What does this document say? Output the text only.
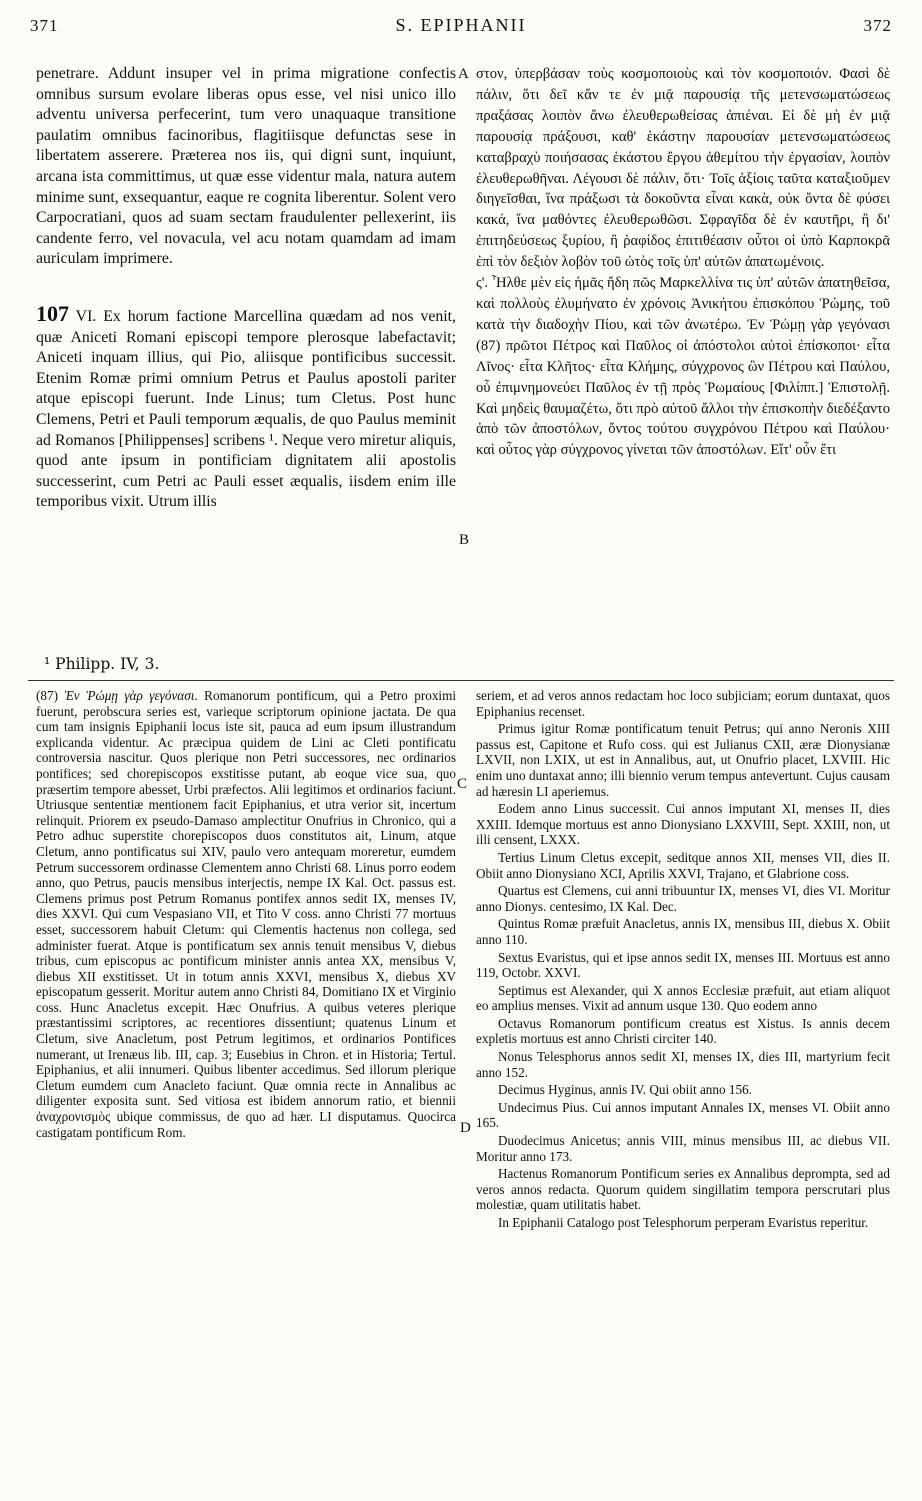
371	S. EPIPHANII	372
A
B
C
D

penetrare. Addunt insuper vel in prima migratione confectis omnibus sursum evolare liberas opus esse, vel nisi unico illo adventu universa perfecerint, tum vero unaquaque transitione paulatim omnibus facinoribus, flagitiisque defunctas sese in libertatem asserere. Præterea nos iis, qui digni sunt, inquiunt, arcana ista committimus, ut quæ esse videntur mala, natura autem minime sunt, exsequantur, eaque re cognita liberentur. Solent vero Carpocratiani, quos ad suam sectam fraudulenter pellexerint, iis candente ferro, vel novacula, vel acu notam quamdam ad imam auriculam imprimere.

107 VI. Ex horum factione Marcellina quædam ad nos venit, quæ Aniceti Romani episcopi tempore plerosque labefactavit; Aniceti inquam illius, qui Pio, aliisque pontificibus successit. Etenim Romæ primi omnium Petrus et Paulus apostoli pariter atque episcopi fuerunt. Inde Linus; tum Cletus. Post hunc Clemens, Petri et Pauli temporum æqualis, de quo Paulus meminit ad Romanos [Philippenses] scribens ¹. Neque vero miretur aliquis, quod ante ipsum in pontificiam dignitatem alii apostolis successerint, cum Petri ac Pauli esset æqualis, iisdem enim ille temporibus vixit. Utrum illis

στον, ὑπερβάσαν τοὺς κοσμοποιοὺς καὶ τὸν κοσμοποιόν. Φασὶ δὲ πάλιν, ὅτι δεῖ κἄν τε ἐν μιᾷ παρουσίᾳ τῆς μετενσωματώσεως πραξάσας λοιπὸν ἄνω ἐλευθερωθείσας ἀπιέναι. Εἰ δὲ μὴ ἐν μιᾷ παρουσίᾳ πράξουσι, καθ' ἑκάστην παρουσίαν μετενσωματώσεως καταβραχὺ ποιήσασας ἑκάστου ἔργου ἀθεμίτου τὴν ἐργασίαν, λοιπὸν ἐλευθερωθῆναι. Λέγουσι δὲ πάλιν, ὅτι· Τοῖς ἀξίοις ταῦτα καταξιοῦμεν διηγεῖσθαι, ἵνα πράξωσι τὰ δοκοῦντα εἶναι κακὰ, οὐκ ὄντα δὲ φύσει κακά, ἵνα μαθόντες ἐλευθερωθῶσι. Σφραγῖδα δὲ ἐν καυτῆρι, ἢ δι' ἐπιτηδεύσεως ξυρίου, ἢ ῥαφίδος ἐπιτιθέασιν οὗτοι οἱ ὑπὸ Καρποκρᾶ ἐπὶ τὸν δεξιὸν λοβὸν τοῦ ὠτὸς τοῖς ὑπ' αὐτῶν ἀπατωμένοις.

ς'. Ἦλθε μὲν εἰς ἡμᾶς ἤδη πῶς Μαρκελλίνα τις ὑπ' αὐτῶν ἀπατηθεῖσα, καὶ πολλοὺς ἐλυμήνατο ἐν χρόνοις Ἀνικήτου ἐπισκόπου Ῥώμης, τοῦ κατὰ τὴν διαδοχὴν Πίου, καὶ τῶν ἀνωτέρω. Ἐν Ῥώμῃ γὰρ γεγόνασι (87) πρῶτοι Πέτρος καὶ Παῦλος οἱ ἀπόστολοι αὐτοὶ ἐπίσκοποι· εἶτα Λῖνος· εἶτα Κλῆτος· εἶτα Κλήμης, σύγχρονος ὢν Πέτρου καὶ Παύλου, οὗ ἐπιμνημονεύει Παῦλος ἐν τῇ πρὸς Ῥωμαίους [Φιλίππ.] Ἐπιστολῇ. Καὶ μηδεὶς θαυμαζέτω, ὅτι πρὸ αὐτοῦ ἄλλοι τὴν ἐπισκοπὴν διεδέξαντο ἀπὸ τῶν ἀποστόλων, ὄντος τούτου συγχρόνου Πέτρου καὶ Παύλου· καὶ οὗτος γὰρ σύγχρονος γίνεται τῶν ἀποστόλων. Εἴτ' οὖν ἔτι

¹ Philipp. IV, 3.

(87) Ἐν Ῥώμῃ γὰρ γεγόνασι. Romanorum pontificum, qui a Petro proximi fuerunt, perobscura series est, varieque scriptorum opinione jactata. De qua cum tam insignis Epiphanii locus iste sit, pauca ad eum ipsum illustrandum explicanda videntur. Ac præcipua quidem de Lini ac Cleti pontificatu controversia nascitur. Quos plerique non Petri successores, nec ordinarios pontifices; sed chorepiscopos exstitisse putant, ab eoque vice sua, quo præsertim tempore abesset, Urbi præfectos. Alii legitimos et ordinarios faciunt. Utriusque sententiæ mentionem facit Epiphanius, et utra verior sit, incertum relinquit. Priorem ex pseudo-Damaso amplectitur Onufrius in Chronico, qui a Petro adhuc superstite chorepiscopos duos constitutos ait, Linum, atque Cletum, anno pontificatus sui XIV, paulo vero antequam moreretur, eumdem Petrum successorem ordinasse Clementem anno Christi 68. Linus porro eodem anno, quo Petrus, paucis mensibus interjectis, nempe IX Kal. Oct. passus est. Clemens primus post Petrum Romanus pontifex annos sedit IX, menses IV, dies XXVI. Qui cum Vespasiano VII, et Tito V coss. anno Christi 77 mortuus esset, successorem habuit Cletum: qui Clementis hactenus non collega, sed administer fuerat. Atque is pontificatum sex annis tenuit mensibus V, diebus tribus, cum episcopus ac pontificum minister annis antea XX, mensibus V, diebus XII exstitisset. Ut in totum annis XXVI, mensibus X, diebus XV episcopatum gesserit. Moritur autem anno Christi 84, Domitiano IX et Virginio coss. Hunc Anacletus excepit. Hæc Onufrius. A quibus veteres plerique præstantissimi scriptores, ac recentiores dissentiunt; quatenus Linum et Cletum, sive Anacletum, post Petrum legitimos, et ordinarios Pontifices numerant, ut Irenæus lib. III, cap. 3; Eusebius in Chron. et in Historia; Tertul. Epiphanius, et alii innumeri. Quibus libenter accedimus. Sed illorum plerique Cletum eumdem cum Anacleto faciunt. Quæ omnia recte in Annalibus ac diligenter exposita sunt. Sed vitiosa est ibidem annorum ratio, et biennii ἀναχρονισμὸς ubique commissus, de quo ad hær. LI disputamus. Quocirca castigatam pontificum Rom.

seriem, et ad veros annos redactam hoc loco subjiciam; eorum duntaxat, quos Epiphanius recenset.

Primus igitur Romæ pontificatum tenuit Petrus; qui anno Neronis XIII passus est, Capitone et Rufo coss. qui est Julianus CXII, æræ Dionysianæ LXVII, non LXIX, ut est in Annalibus, aut, ut Onufrio placet, LXVIII. Hic enim uno duntaxat anno; illi biennio verum tempus antevertunt. Cujus causam ad hæresin LI aperiemus.

Eodem anno Linus successit. Cui annos imputant XI, menses II, dies XXIII. Idemque mortuus est anno Dionysiano LXXVIII, Sept. XXIII, non, ut illi censent, LXXX.

Tertius Linum Cletus excepit, seditque annos XII, menses VII, dies II. Obiit anno Dionysiano XCI, Aprilis XXVI, Trajano, et Glabrione coss.

Quartus est Clemens, cui anni tribuuntur IX, menses VI, dies VI. Moritur anno Dionys. centesimo, IX Kal. Dec.

Quintus Romæ præfuit Anacletus, annis IX, mensibus III, diebus X. Obiit anno 110.

Sextus Evaristus, qui et ipse annos sedit IX, menses III. Mortuus est anno 119, Octobr. XXVI.

Septimus est Alexander, qui X annos Ecclesiæ præfuit, aut etiam aliquot eo amplius menses. Vixit ad annum usque 130. Quo eodem anno

Octavus Romanorum pontificum creatus est Xistus. Is annis decem expletis mortuus est anno Christi circiter 140.

Nonus Telesphorus annos sedit XI, menses IX, dies III, martyrium fecit anno 152.

Decimus Hyginus, annis IV. Qui obiit anno 156.

Undecimus Pius. Cui annos imputant Annales IX, menses VI. Obiit anno 165.

Duodecimus Anicetus; annis VIII, minus mensibus III, ac diebus VII. Moritur anno 173.

Hactenus Romanorum Pontificum series ex Annalibus deprompta, sed ad veros annos redacta. Quorum quidem singillatim tempora perscrutari plus molestiæ, quam utilitatis habet.

In Epiphanii Catalogo post Telesphorum perperam Evaristus reperitur.
